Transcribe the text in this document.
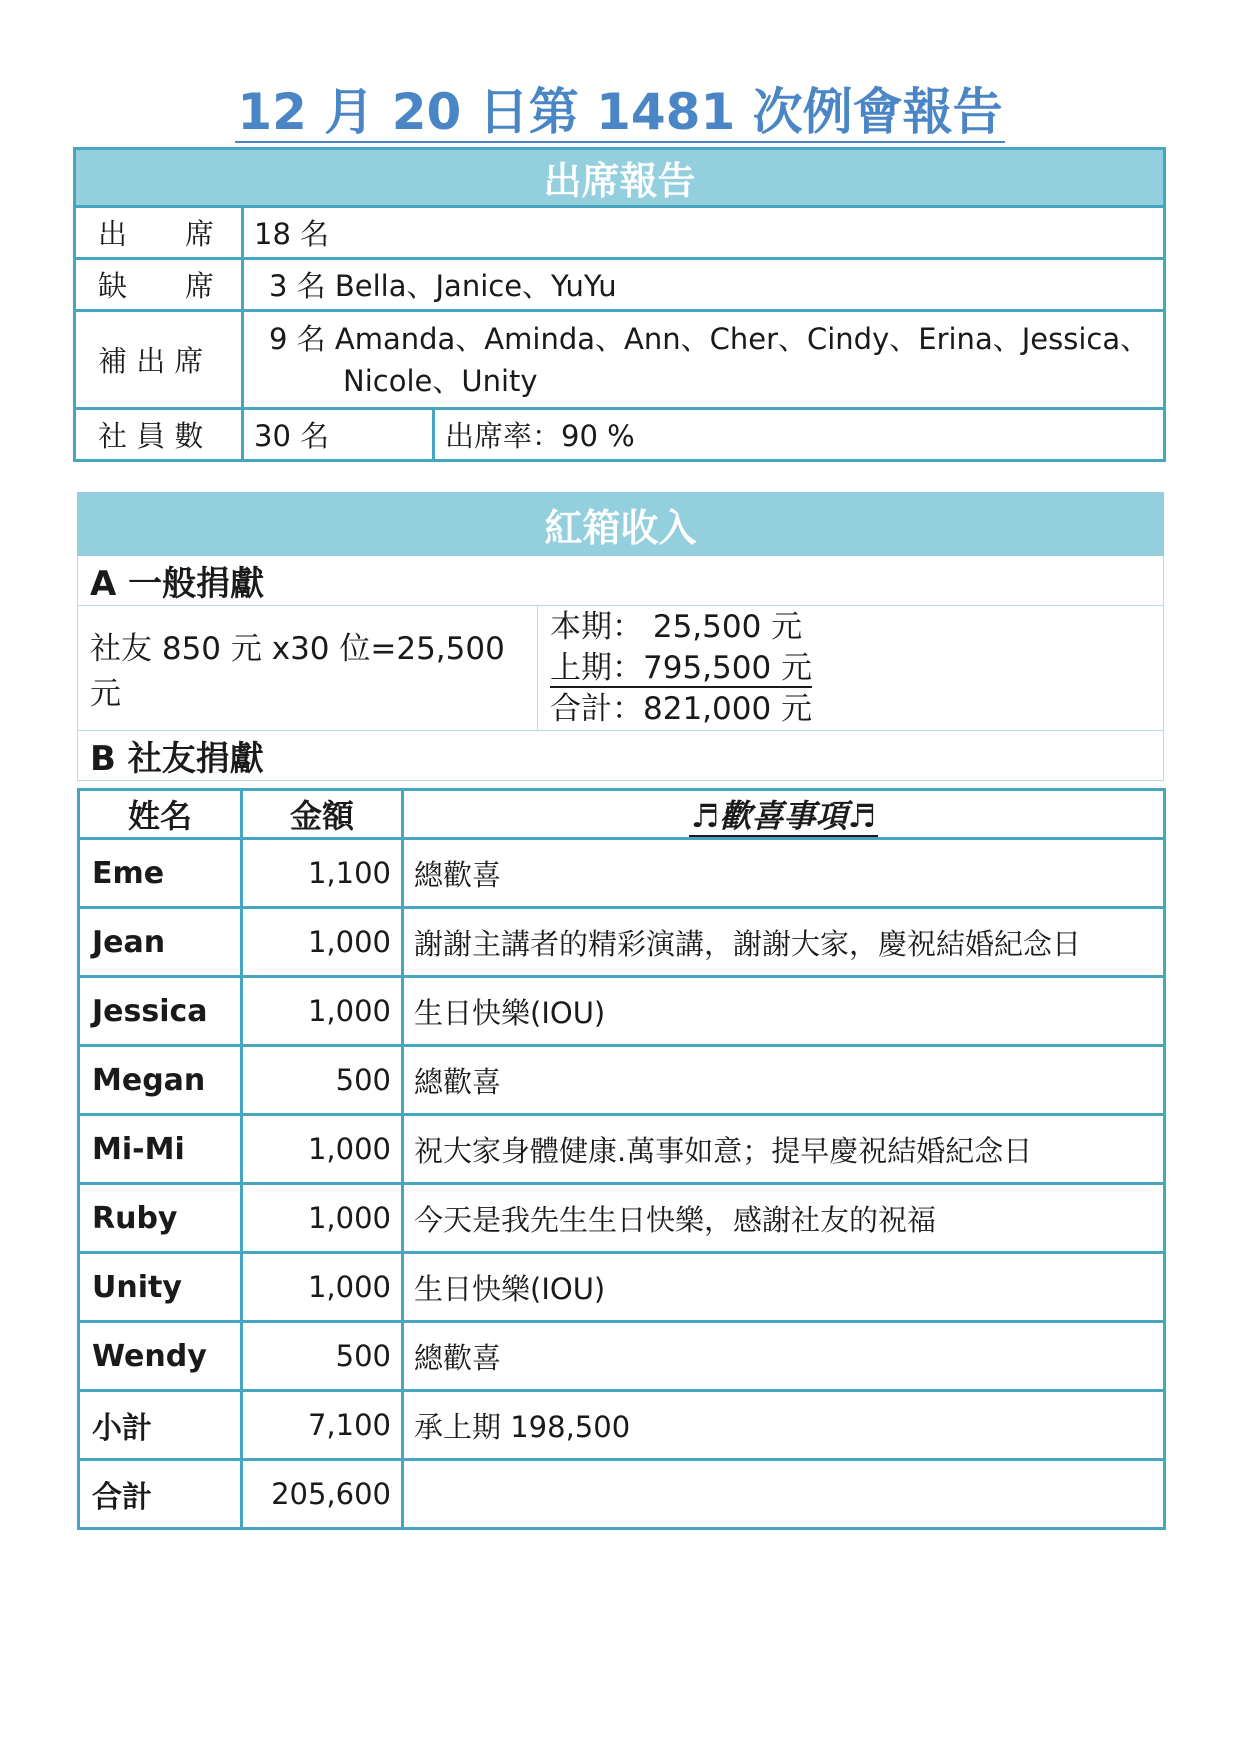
12 月 20 日第 1481 次例會報告
出席報告		
出　　席	18 名	
缺　　席	3 名 Bella、Janice、YuYu	
補 出 席	9 名 Amanda、Aminda、Ann、Cher、Cindy、Erina、Jessica、
Nicole、Unity	

社 員 數	30 名	出席率：90 %
紅箱收入
A 一般捐獻
社友 850 元 x30 位=25,500 元	
本期： 25,500 元
上期：795,500 元
合計：821,000 元

B 社友捐獻
姓名	金額	♬歡喜事項♬
Eme	1,100	總歡喜
Jean	1,000	謝謝主講者的精彩演講，謝謝大家，慶祝結婚紀念日
Jessica	1,000	生日快樂(IOU)
Megan	500	總歡喜
Mi-Mi	1,000	祝大家身體健康.萬事如意；提早慶祝結婚紀念日
Ruby	1,000	今天是我先生生日快樂，感謝社友的祝福
Unity	1,000	生日快樂(IOU)
Wendy	500	總歡喜
小計	7,100	承上期 198,500
合計	205,600	
